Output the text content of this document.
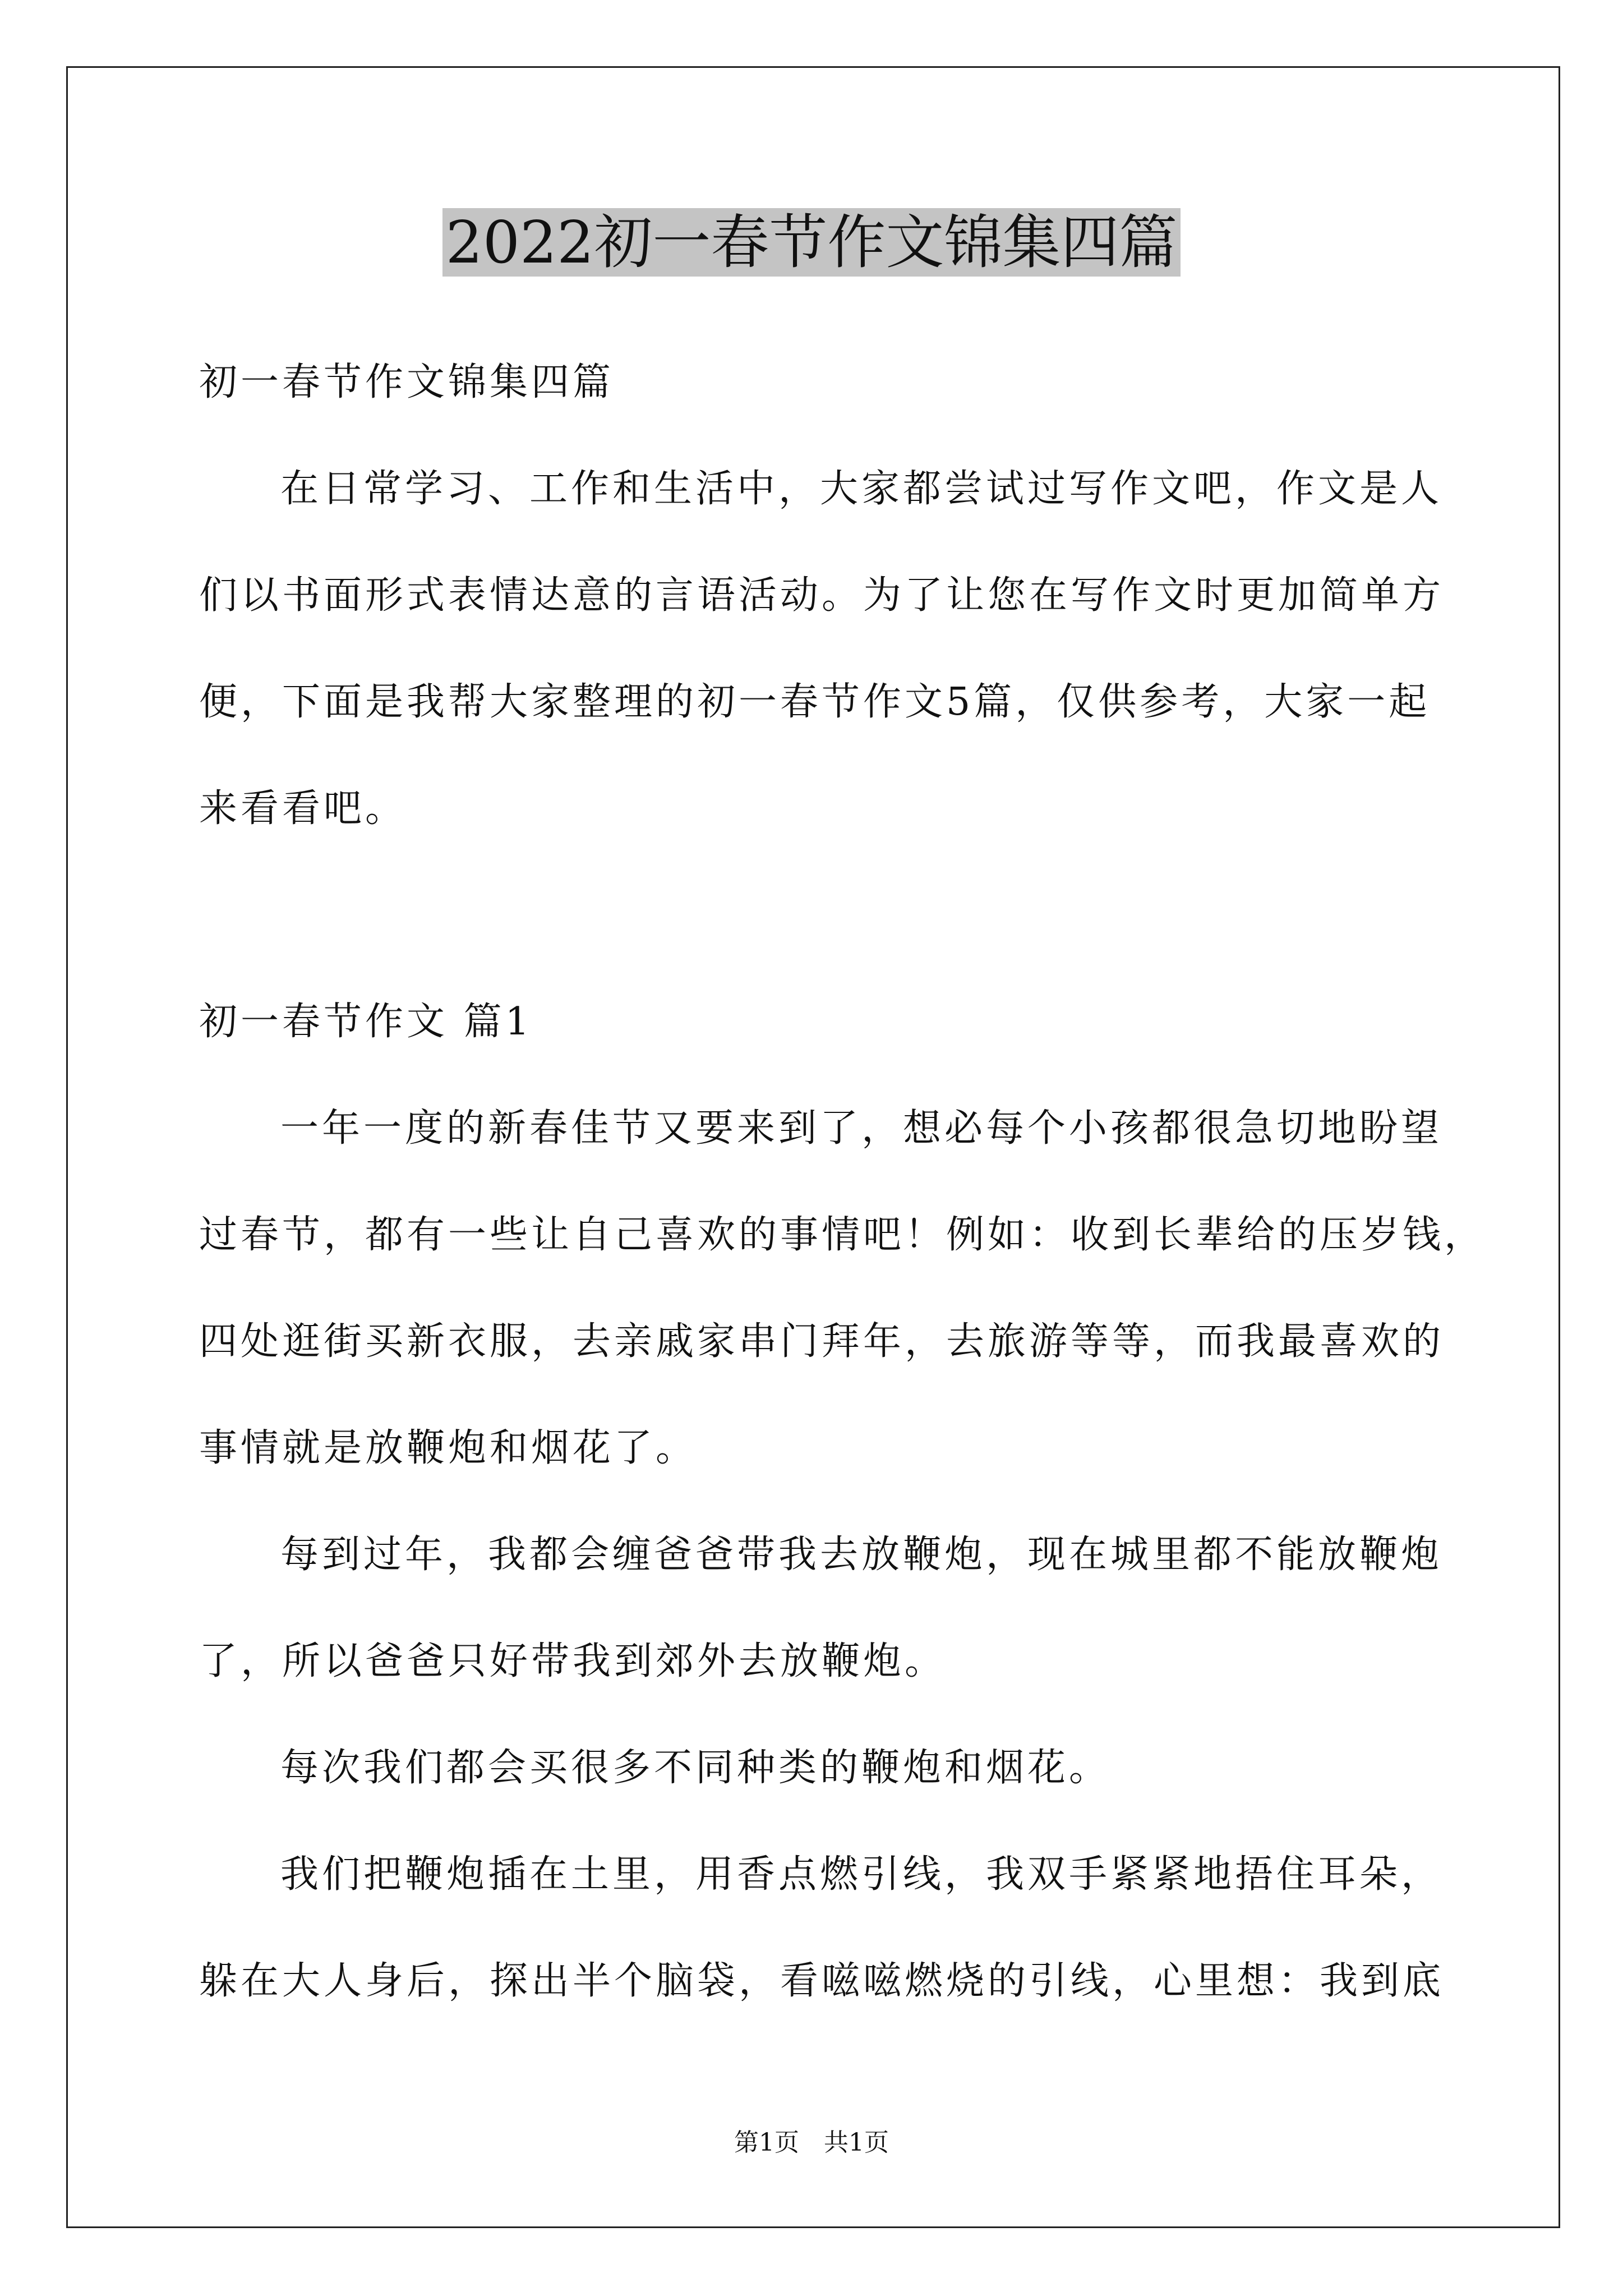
2022初一春节作文锦集四篇
初一春节作文锦集四篇
在日常学习、工作和生活中，大家都尝试过写作文吧，作文是人
们以书面形式表情达意的言语活动。为了让您在写作文时更加简单方
便，下面是我帮大家整理的初一春节作文5篇，仅供参考，大家一起
来看看吧。
初一春节作文 篇1
一年一度的新春佳节又要来到了，想必每个小孩都很急切地盼望
过春节，都有一些让自己喜欢的事情吧！例如：收到长辈给的压岁钱，
四处逛街买新衣服，去亲戚家串门拜年，去旅游等等，而我最喜欢的
事情就是放鞭炮和烟花了。
每到过年，我都会缠爸爸带我去放鞭炮，现在城里都不能放鞭炮
了，所以爸爸只好带我到郊外去放鞭炮。
每次我们都会买很多不同种类的鞭炮和烟花。
我们把鞭炮插在土里，用香点燃引线，我双手紧紧地捂住耳朵，
躲在大人身后，探出半个脑袋，看嗞嗞燃烧的引线，心里想：我到底
第1页　共1页
